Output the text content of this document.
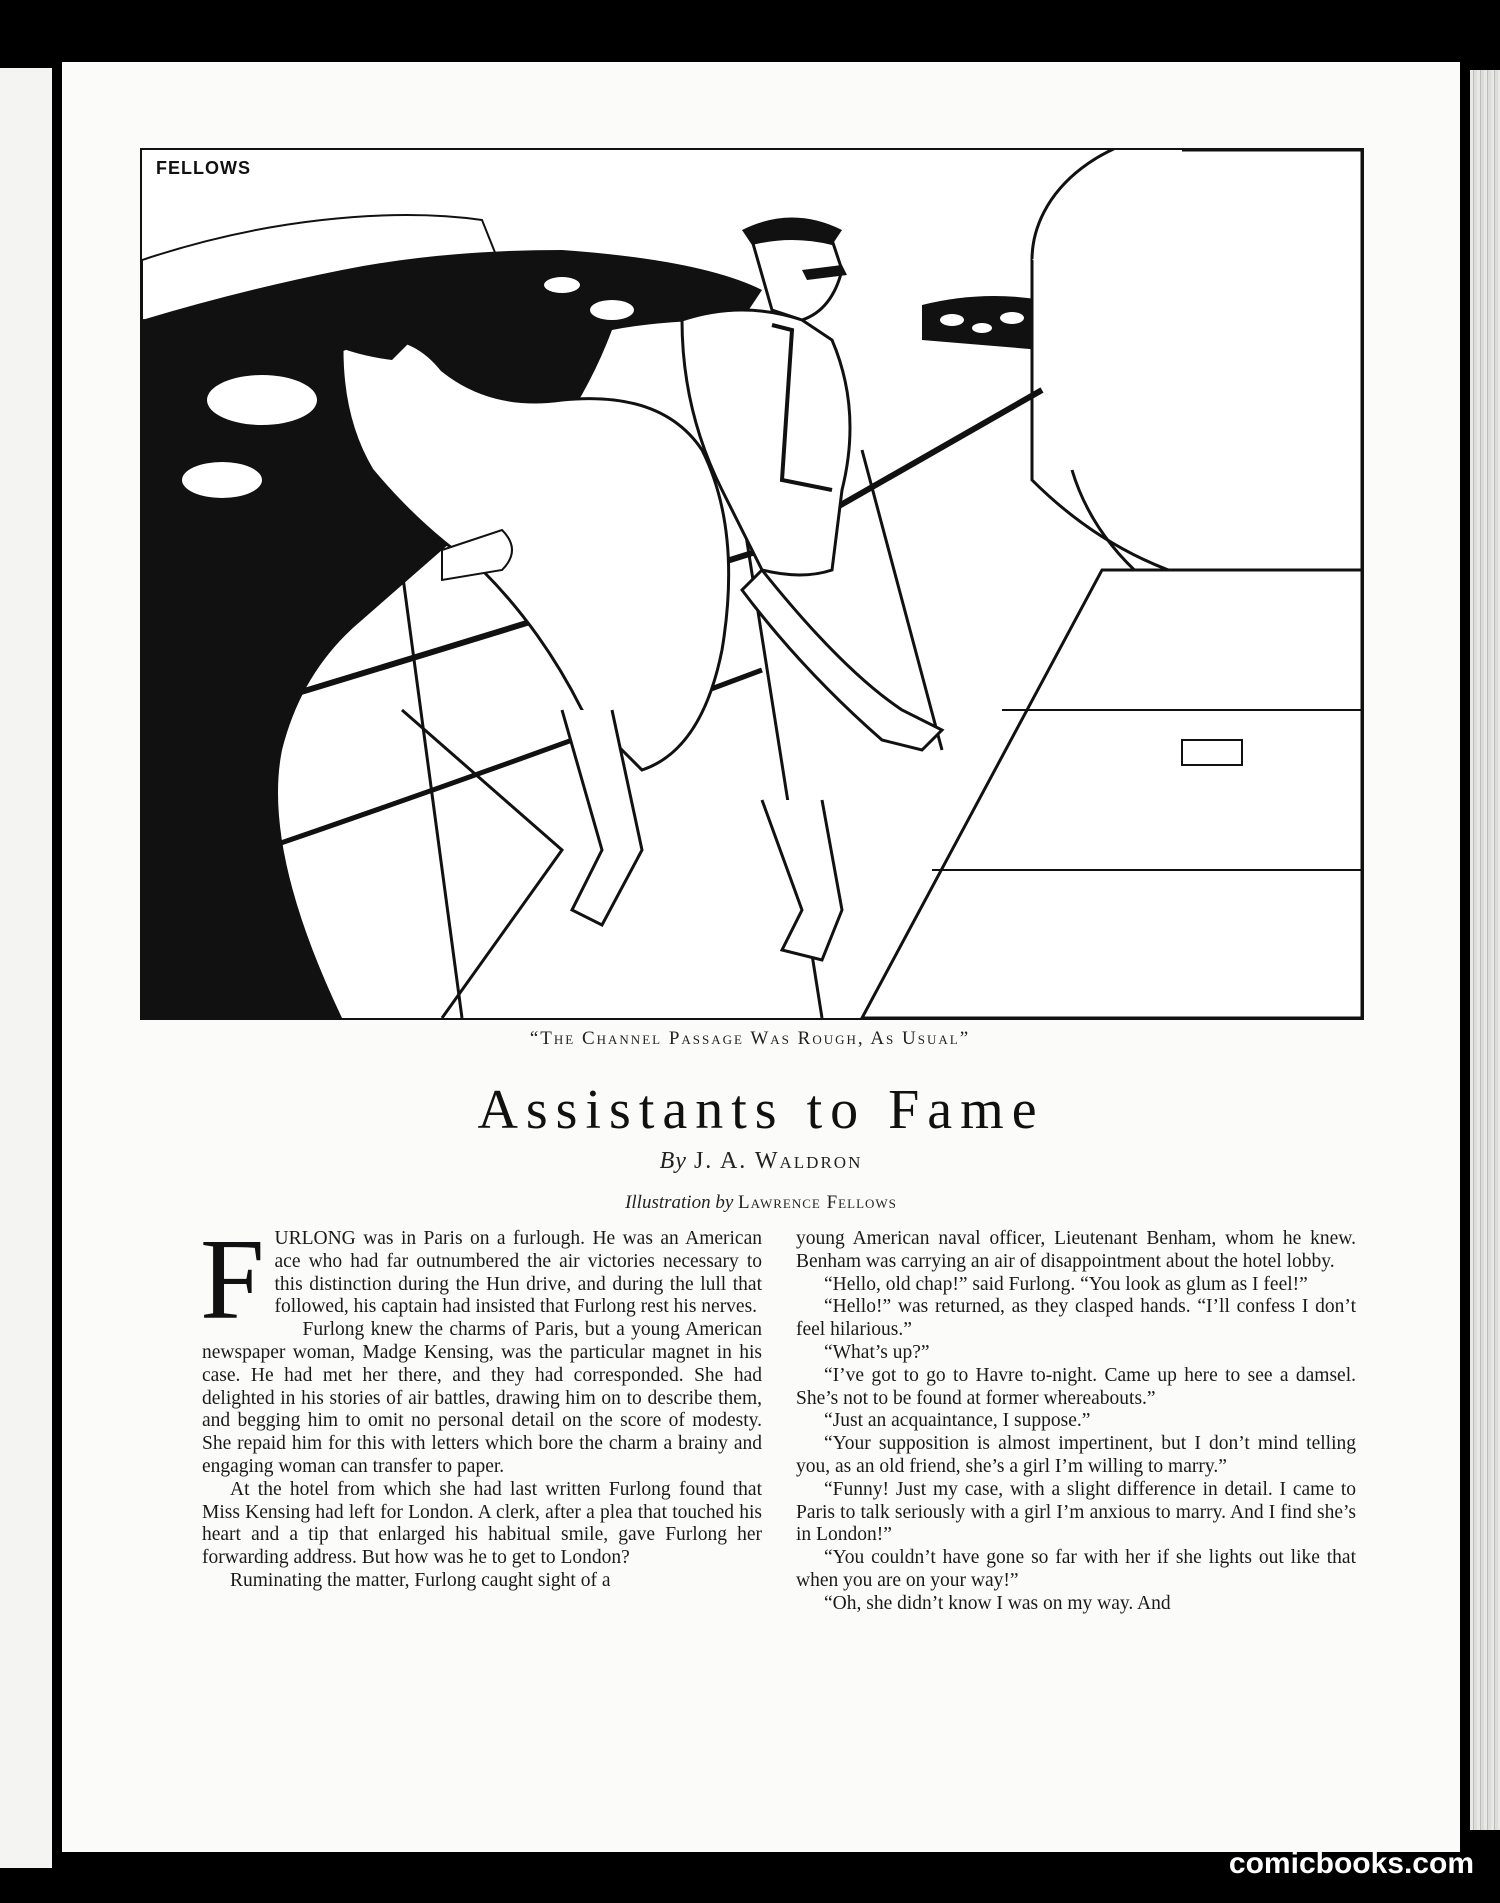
FELLOWS
“The Channel Passage Was Rough, As Usual”
Assistants to Fame
By J. A. Waldron
Illustration by Lawrence Fellows
F URLONG was in Paris on a furlough. He was an American ace who had far outnumbered the air victories necessary to this distinction during the Hun drive, and during the lull that followed, his captain had insisted that Furlong rest his nerves.

Furlong knew the charms of Paris, but a young American newspaper woman, Madge Kensing, was the particular magnet in his case. He had met her there, and they had corresponded. She had delighted in his stories of air battles, drawing him on to describe them, and begging him to omit no personal detail on the score of modesty. She repaid him for this with letters which bore the charm a brainy and engaging woman can transfer to paper.

At the hotel from which she had last written Furlong found that Miss Kensing had left for London. A clerk, after a plea that touched his heart and a tip that enlarged his habitual smile, gave Furlong her forwarding address. But how was he to get to London?

Ruminating the matter, Furlong caught sight of a

young American naval officer, Lieutenant Benham, whom he knew. Benham was carrying an air of disappointment about the hotel lobby.

“Hello, old chap!” said Furlong. “You look as glum as I feel!”

“Hello!” was returned, as they clasped hands. “I’ll confess I don’t feel hilarious.”

“What’s up?”

“I’ve got to go to Havre to-night. Came up here to see a damsel. She’s not to be found at former whereabouts.”

“Just an acquaintance, I suppose.”

“Your supposition is almost impertinent, but I don’t mind telling you, as an old friend, she’s a girl I’m willing to marry.”

“Funny! Just my case, with a slight difference in detail. I came to Paris to talk seriously with a girl I’m anxious to marry. And I find she’s in London!”

“You couldn’t have gone so far with her if she lights out like that when you are on your way!”

“Oh, she didn’t know I was on my way. And

comicbooks.com
